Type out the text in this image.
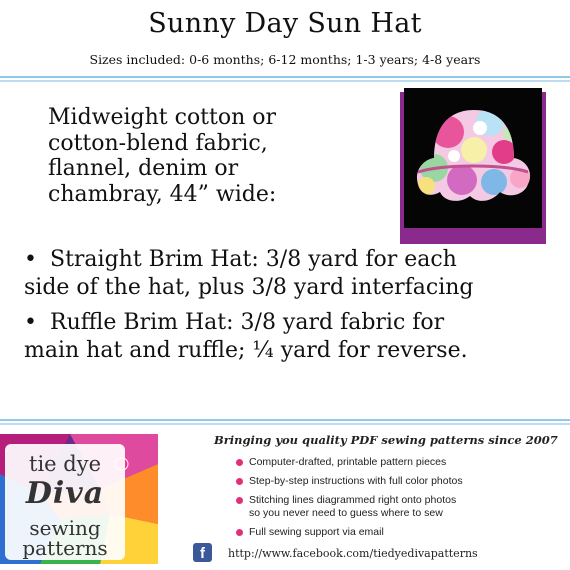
Sunny Day Sun Hat
Sizes included: 0-6 months; 6-12 months; 1-3 years; 4-8 years
Midweight cotton or
cotton-blend fabric,
flannel, denim or
chambray, 44” wide:
• Straight Brim Hat: 3/8 yard for each
side of the hat, plus 3/8 yard interfacing
• Ruffle Brim Hat: 3/8 yard fabric for
main hat and ruffle; ¼ yard for reverse.
tie dye
Diva
sewing
patterns
Bringing you quality PDF sewing patterns since 2007
Computer-drafted, printable pattern pieces
Step-by-step instructions with full color photos
Stitching lines diagrammed right onto photos
so you never need to guess where to sew
Full sewing support via email
f	http://www.facebook.com/tiedyedivapatterns
